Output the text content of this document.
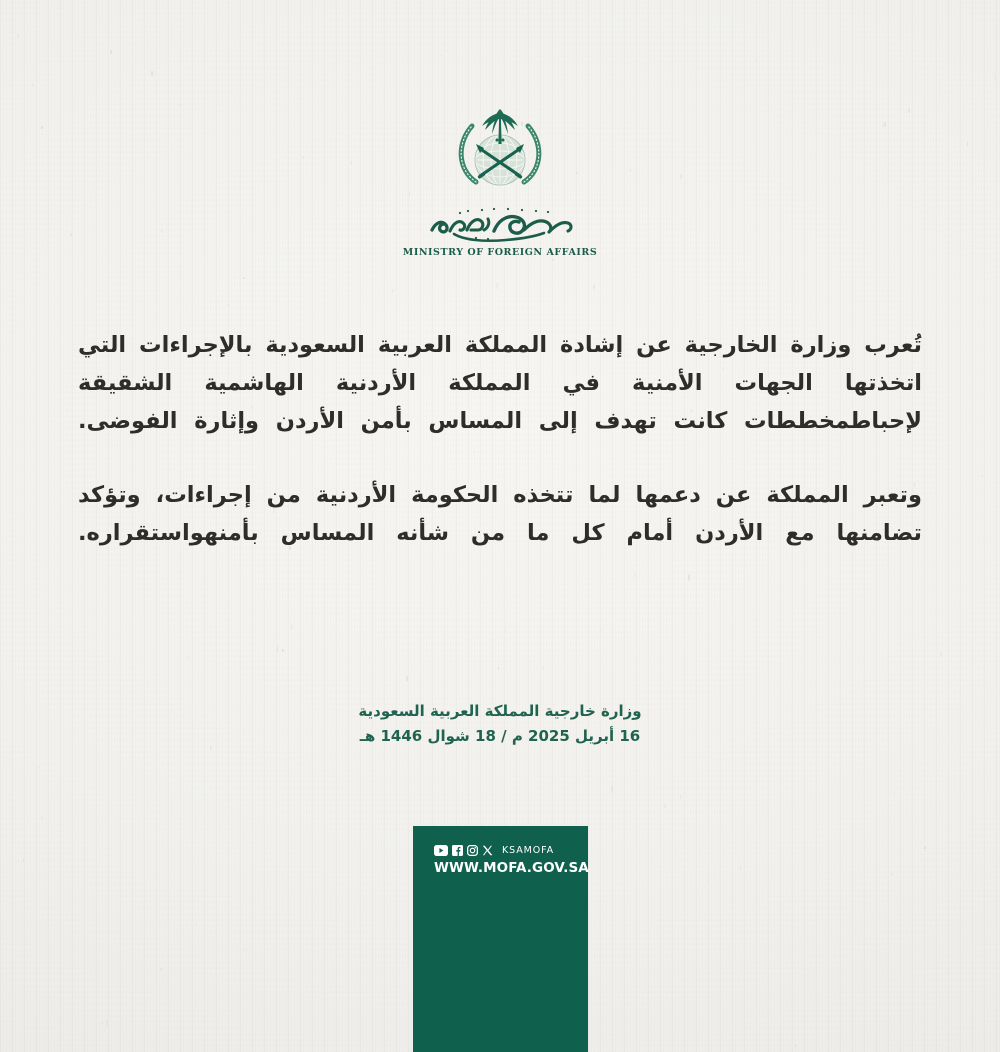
MINISTRY OF FOREIGN AFFAIRS

تُعرب وزارة الخارجية عن إشادة المملكة العربية السعودية بالإجراءات التي اتخذتها الجهات الأمنية في المملكة الأردنية الهاشمية الشقيقة لإحباطمخططات كانت تهدف إلى المساس بأمن الأردن وإثارة الفوضى.

وتعبر المملكة عن دعمها لما تتخذه الحكومة الأردنية من إجراءات، وتؤكد تضامنها مع الأردن أمام كل ما من شأنه المساس بأمنهواستقراره.

وزارة خارجية المملكة العربية السعودية
16 أبريل 2025 م / 18 شوال 1446 هـ
KSAMOFA
WWW.MOFA.GOV.SA
